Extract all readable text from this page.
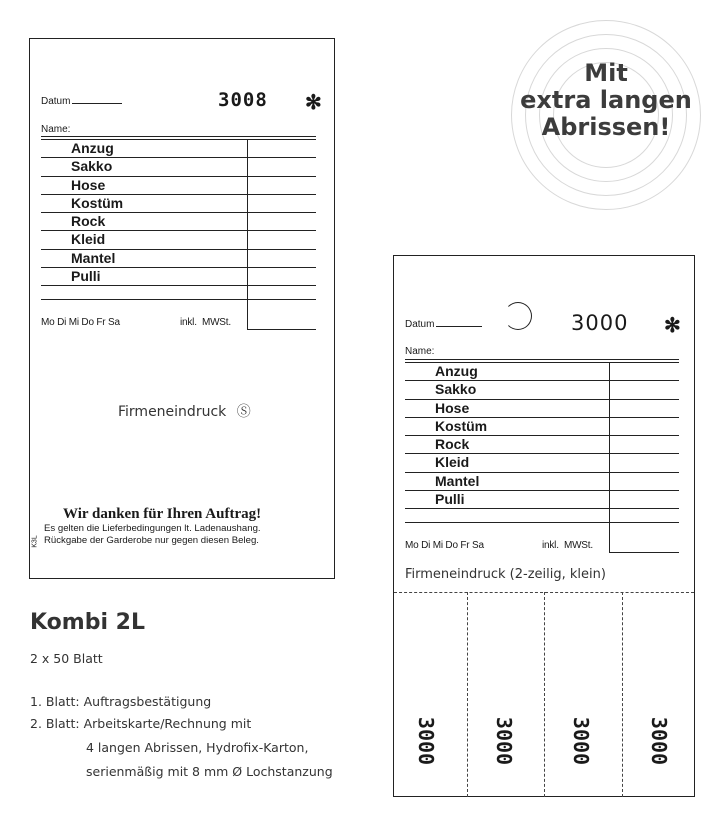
Datum	3008 ✻
Name:
Anzug
Sakko
Hose
Kostüm
Rock
Kleid
Mantel
Pulli
Mo Di Mi Do Fr Sa	inkl.  MWSt.
Firmeneindruck Ⓢ
Wir danken für Ihren Auftrag!
Es gelten die Lieferbedingungen lt. Ladenaushang.
Rückgabe der Garderobe nur gegen diesen Beleg.
K3L
Mit
extra langen
Abrissen!
Datum	3000 ✻
Name:
Anzug
Sakko
Hose
Kostüm
Rock
Kleid
Mantel
Pulli
Mo Di Mi Do Fr Sa	inkl.  MWSt.
Firmeneindruck (2-zeilig, klein)
3000	3000	3000	3000
Kombi 2L
2 x 50 Blatt
1. Blatt: Auftragsbestätigung
2. Blatt: Arbeitskarte/Rechnung mit
4 langen Abrissen, Hydrofix-Karton,
serienmäßig mit 8 mm Ø Lochstanzung
